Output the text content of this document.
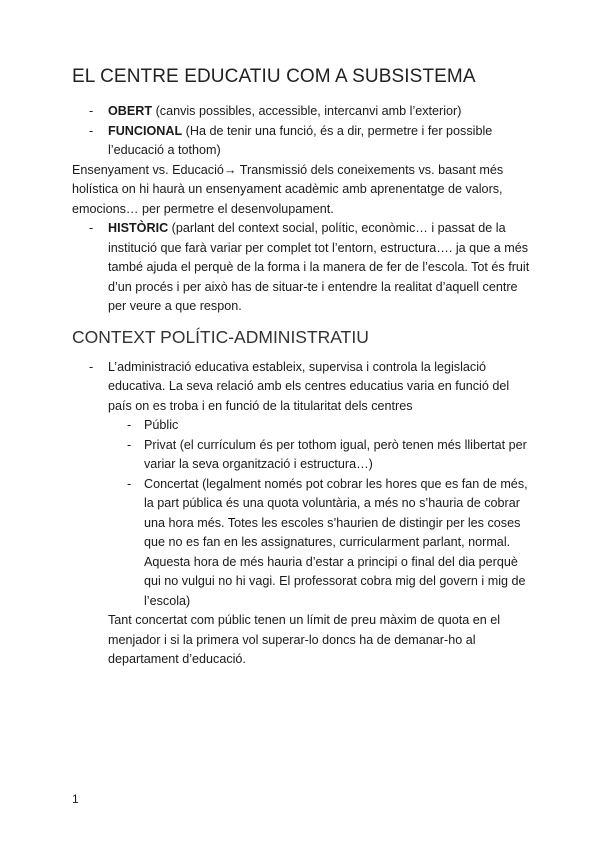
EL CENTRE EDUCATIU COM A SUBSISTEMA
- OBERT (canvis possibles, accessible, intercanvi amb l’exterior)
- FUNCIONAL (Ha de tenir una funció, és a dir, permetre i fer possible l’educació a tothom)
Ensenyament vs. Educació→ Transmissió dels coneixements vs. basant més holística on hi haurà un ensenyament acadèmic amb aprenentatge de valors, emocions… per permetre el desenvolupament.
- HISTÒRIC (parlant del context social, polític, econòmic… i passat de la institució que farà variar per complet tot l’entorn, estructura…. ja que a més també ajuda el perquè de la forma i la manera de fer de l’escola. Tot és fruit d’un procés i per això has de situar-te i entendre la realitat d’aquell centre per veure a que respon.
CONTEXT POLÍTIC-ADMINISTRATIU
- L’administració educativa estableix, supervisa i controla la legislació educativa. La seva relació amb els centres educatius varia en funció del país on es troba i en funció de la titularitat dels centres
- Públic
- Privat (el currículum és per tothom igual, però tenen més llibertat per variar la seva organització i estructura…)
- Concertat (legalment només pot cobrar les hores que es fan de més, la part pública és una quota voluntària, a més no s’hauria de cobrar una hora més. Totes les escoles s’haurien de distingir per les coses que no es fan en les assignatures, curricularment parlant, normal. Aquesta hora de més hauria d’estar a principi o final del dia perquè qui no vulgui no hi vagi. El professorat cobra mig del govern i mig de l’escola)
Tant concertat com públic tenen un límit de preu màxim de quota en el menjador i si la primera vol superar-lo doncs ha de demanar-ho al departament d’educació.
1
